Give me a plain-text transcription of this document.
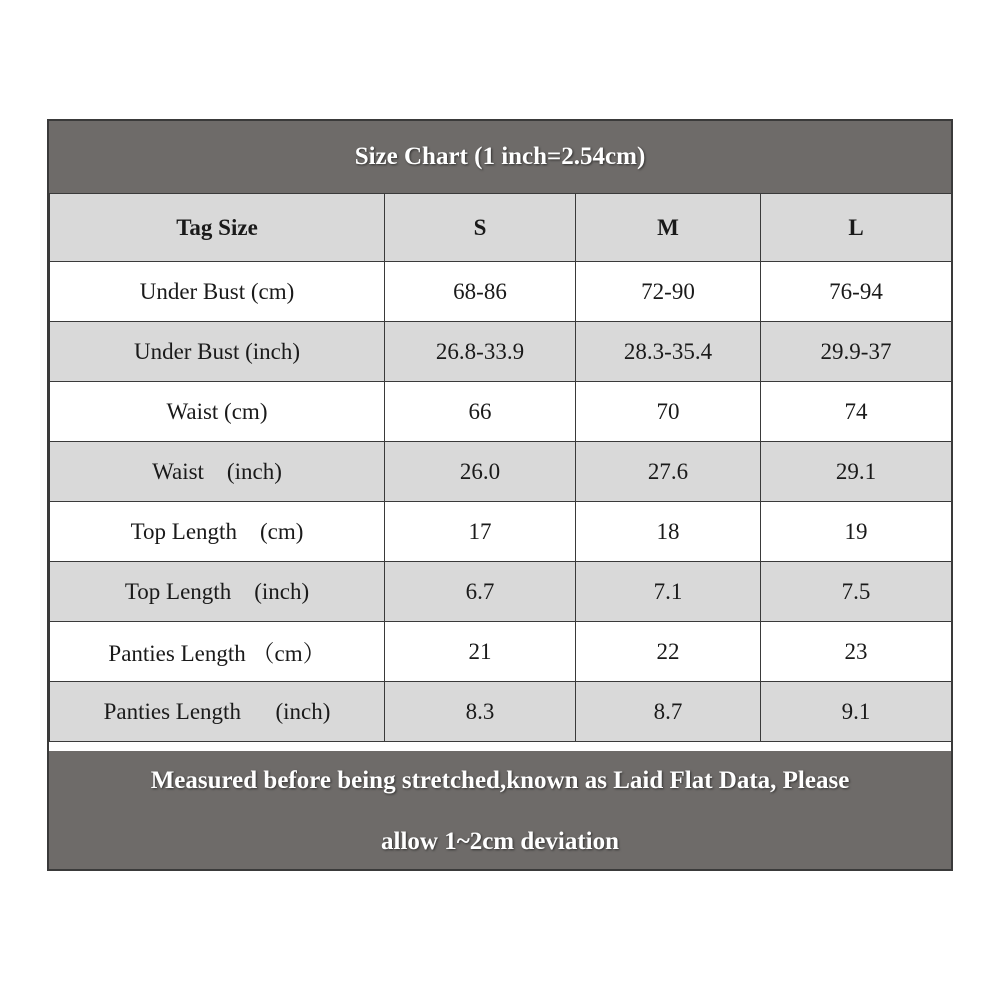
Size Chart (1 inch=2.54cm)
Tag Size	S	M	L
Under Bust (cm)	68-86	72-90	76-94
Under Bust (inch)	26.8-33.9	28.3-35.4	29.9-37
Waist (cm)	66	70	74
Waist    (inch)	26.0	27.6	29.1
Top Length    (cm)	17	18	19
Top Length    (inch)	6.7	7.1	7.5
Panties Length （cm）	21	22	23
Panties Length      (inch)	8.3	8.7	9.1
Measured before being stretched,known as Laid Flat Data, Please
allow 1~2cm deviation
